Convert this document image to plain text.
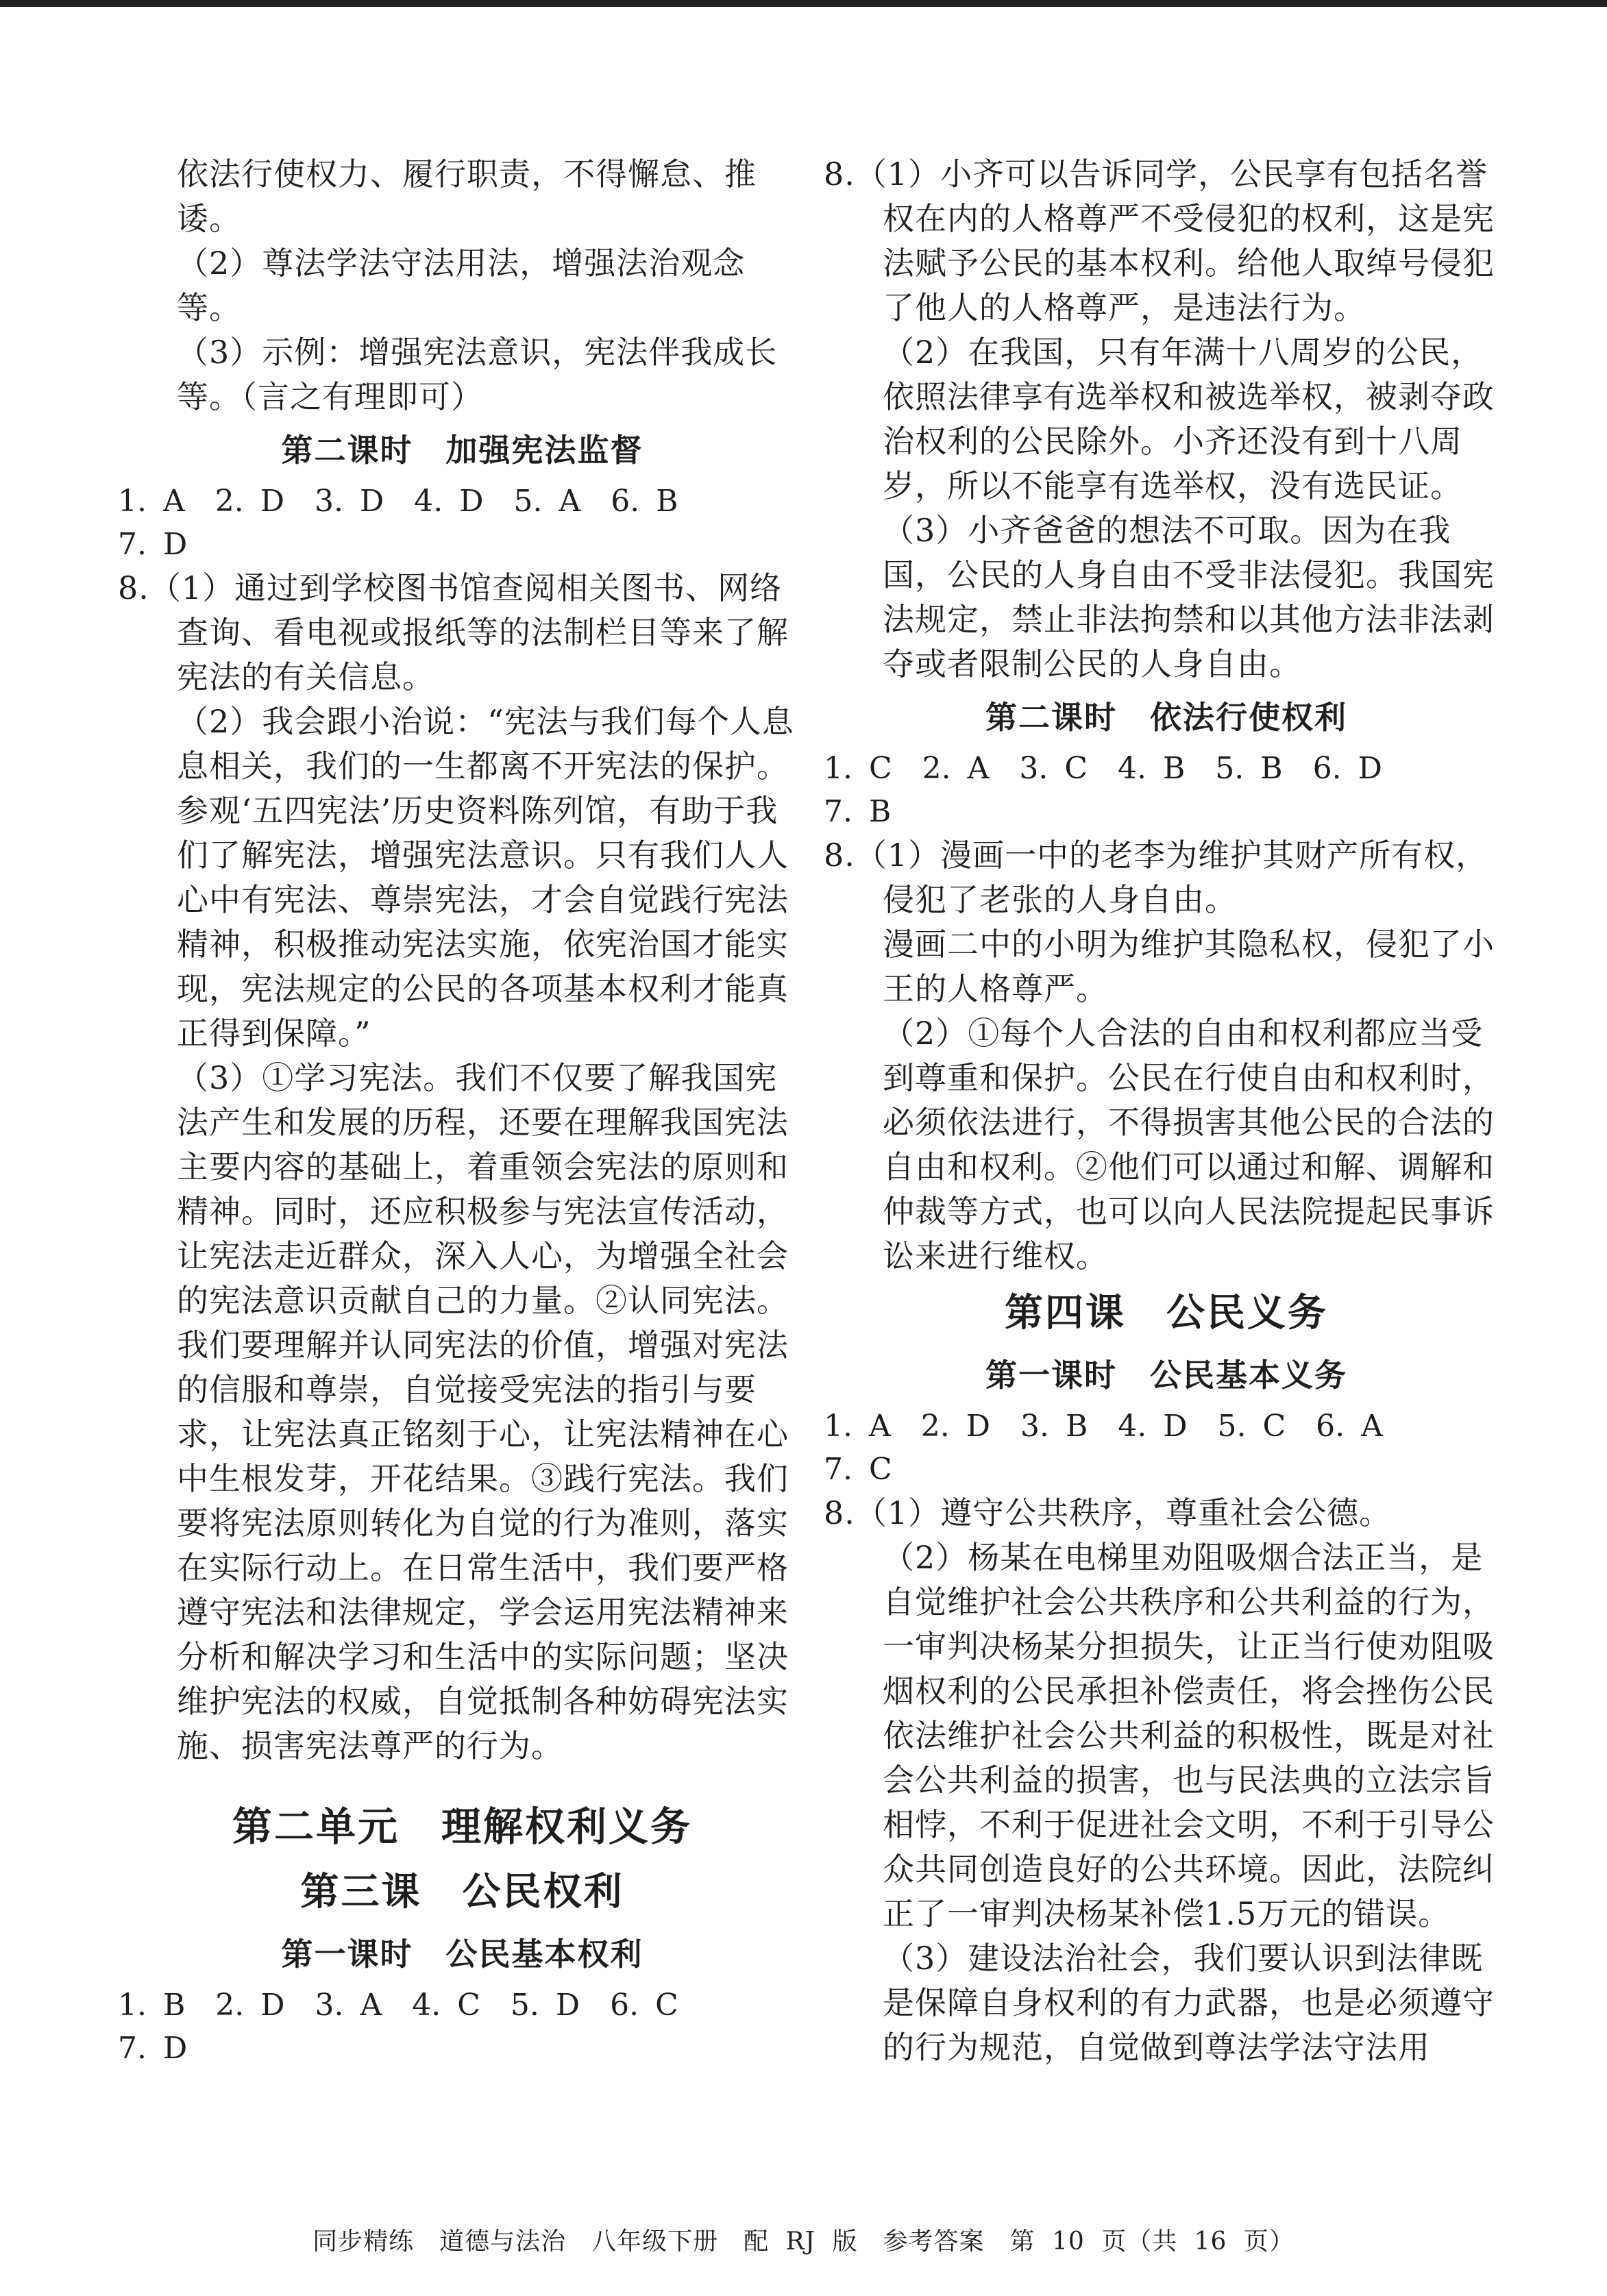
依法行使权力、履行职责，不得懈怠、推诿。

（2）尊法学法守法用法，增强法治观念等。

（3）示例：增强宪法意识，宪法伴我成长等。（言之有理即可）

第二课时　加强宪法监督

1. A　2. D　3. D　4. D　5. A　6. B

7. D

8.（1）通过到学校图书馆查阅相关图书、网络查询、看电视或报纸等的法制栏目等来了解宪法的有关信息。

（2）我会跟小治说：“宪法与我们每个人息息相关，我们的一生都离不开宪法的保护。参观‘五四宪法’历史资料陈列馆，有助于我们了解宪法，增强宪法意识。只有我们人人心中有宪法、尊崇宪法，才会自觉践行宪法精神，积极推动宪法实施，依宪治国才能实现，宪法规定的公民的各项基本权利才能真正得到保障。”

（3）①学习宪法。我们不仅要了解我国宪法产生和发展的历程，还要在理解我国宪法主要内容的基础上，着重领会宪法的原则和精神。同时，还应积极参与宪法宣传活动，让宪法走近群众，深入人心，为增强全社会的宪法意识贡献自己的力量。②认同宪法。我们要理解并认同宪法的价值，增强对宪法的信服和尊崇，自觉接受宪法的指引与要求，让宪法真正铭刻于心，让宪法精神在心中生根发芽，开花结果。③践行宪法。我们要将宪法原则转化为自觉的行为准则，落实在实际行动上。在日常生活中，我们要严格遵守宪法和法律规定，学会运用宪法精神来分析和解决学习和生活中的实际问题；坚决维护宪法的权威，自觉抵制各种妨碍宪法实施、损害宪法尊严的行为。

第二单元　理解权利义务
第三课　公民权利
第一课时　公民基本权利

1. B　2. D　3. A　4. C　5. D　6. C

7. D

8.（1）小齐可以告诉同学，公民享有包括名誉权在内的人格尊严不受侵犯的权利，这是宪法赋予公民的基本权利。给他人取绰号侵犯了他人的人格尊严，是违法行为。

（2）在我国，只有年满十八周岁的公民，依照法律享有选举权和被选举权，被剥夺政治权利的公民除外。小齐还没有到十八周岁，所以不能享有选举权，没有选民证。

（3）小齐爸爸的想法不可取。因为在我国，公民的人身自由不受非法侵犯。我国宪法规定，禁止非法拘禁和以其他方法非法剥夺或者限制公民的人身自由。

第二课时　依法行使权利

1. C　2. A　3. C　4. B　5. B　6. D

7. B

8.（1）漫画一中的老李为维护其财产所有权，侵犯了老张的人身自由。

漫画二中的小明为维护其隐私权，侵犯了小王的人格尊严。

（2）①每个人合法的自由和权利都应当受到尊重和保护。公民在行使自由和权利时，必须依法进行，不得损害其他公民的合法的自由和权利。②他们可以通过和解、调解和仲裁等方式，也可以向人民法院提起民事诉讼来进行维权。

第四课　公民义务
第一课时　公民基本义务

1. A　2. D　3. B　4. D　5. C　6. A

7. C

8.（1）遵守公共秩序，尊重社会公德。

（2）杨某在电梯里劝阻吸烟合法正当，是自觉维护社会公共秩序和公共利益的行为，一审判决杨某分担损失，让正当行使劝阻吸烟权利的公民承担补偿责任，将会挫伤公民依法维护社会公共利益的积极性，既是对社会公共利益的损害，也与民法典的立法宗旨相悖，不利于促进社会文明，不利于引导公众共同创造良好的公共环境。因此，法院纠正了一审判决杨某补偿1.5万元的错误。

（3）建设法治社会，我们要认识到法律既是保障自身权利的有力武器，也是必须遵守的行为规范，自觉做到尊法学法守法用

同步精练　道德与法治　八年级下册　配 RJ 版　参考答案　第 10 页（共 16 页）
